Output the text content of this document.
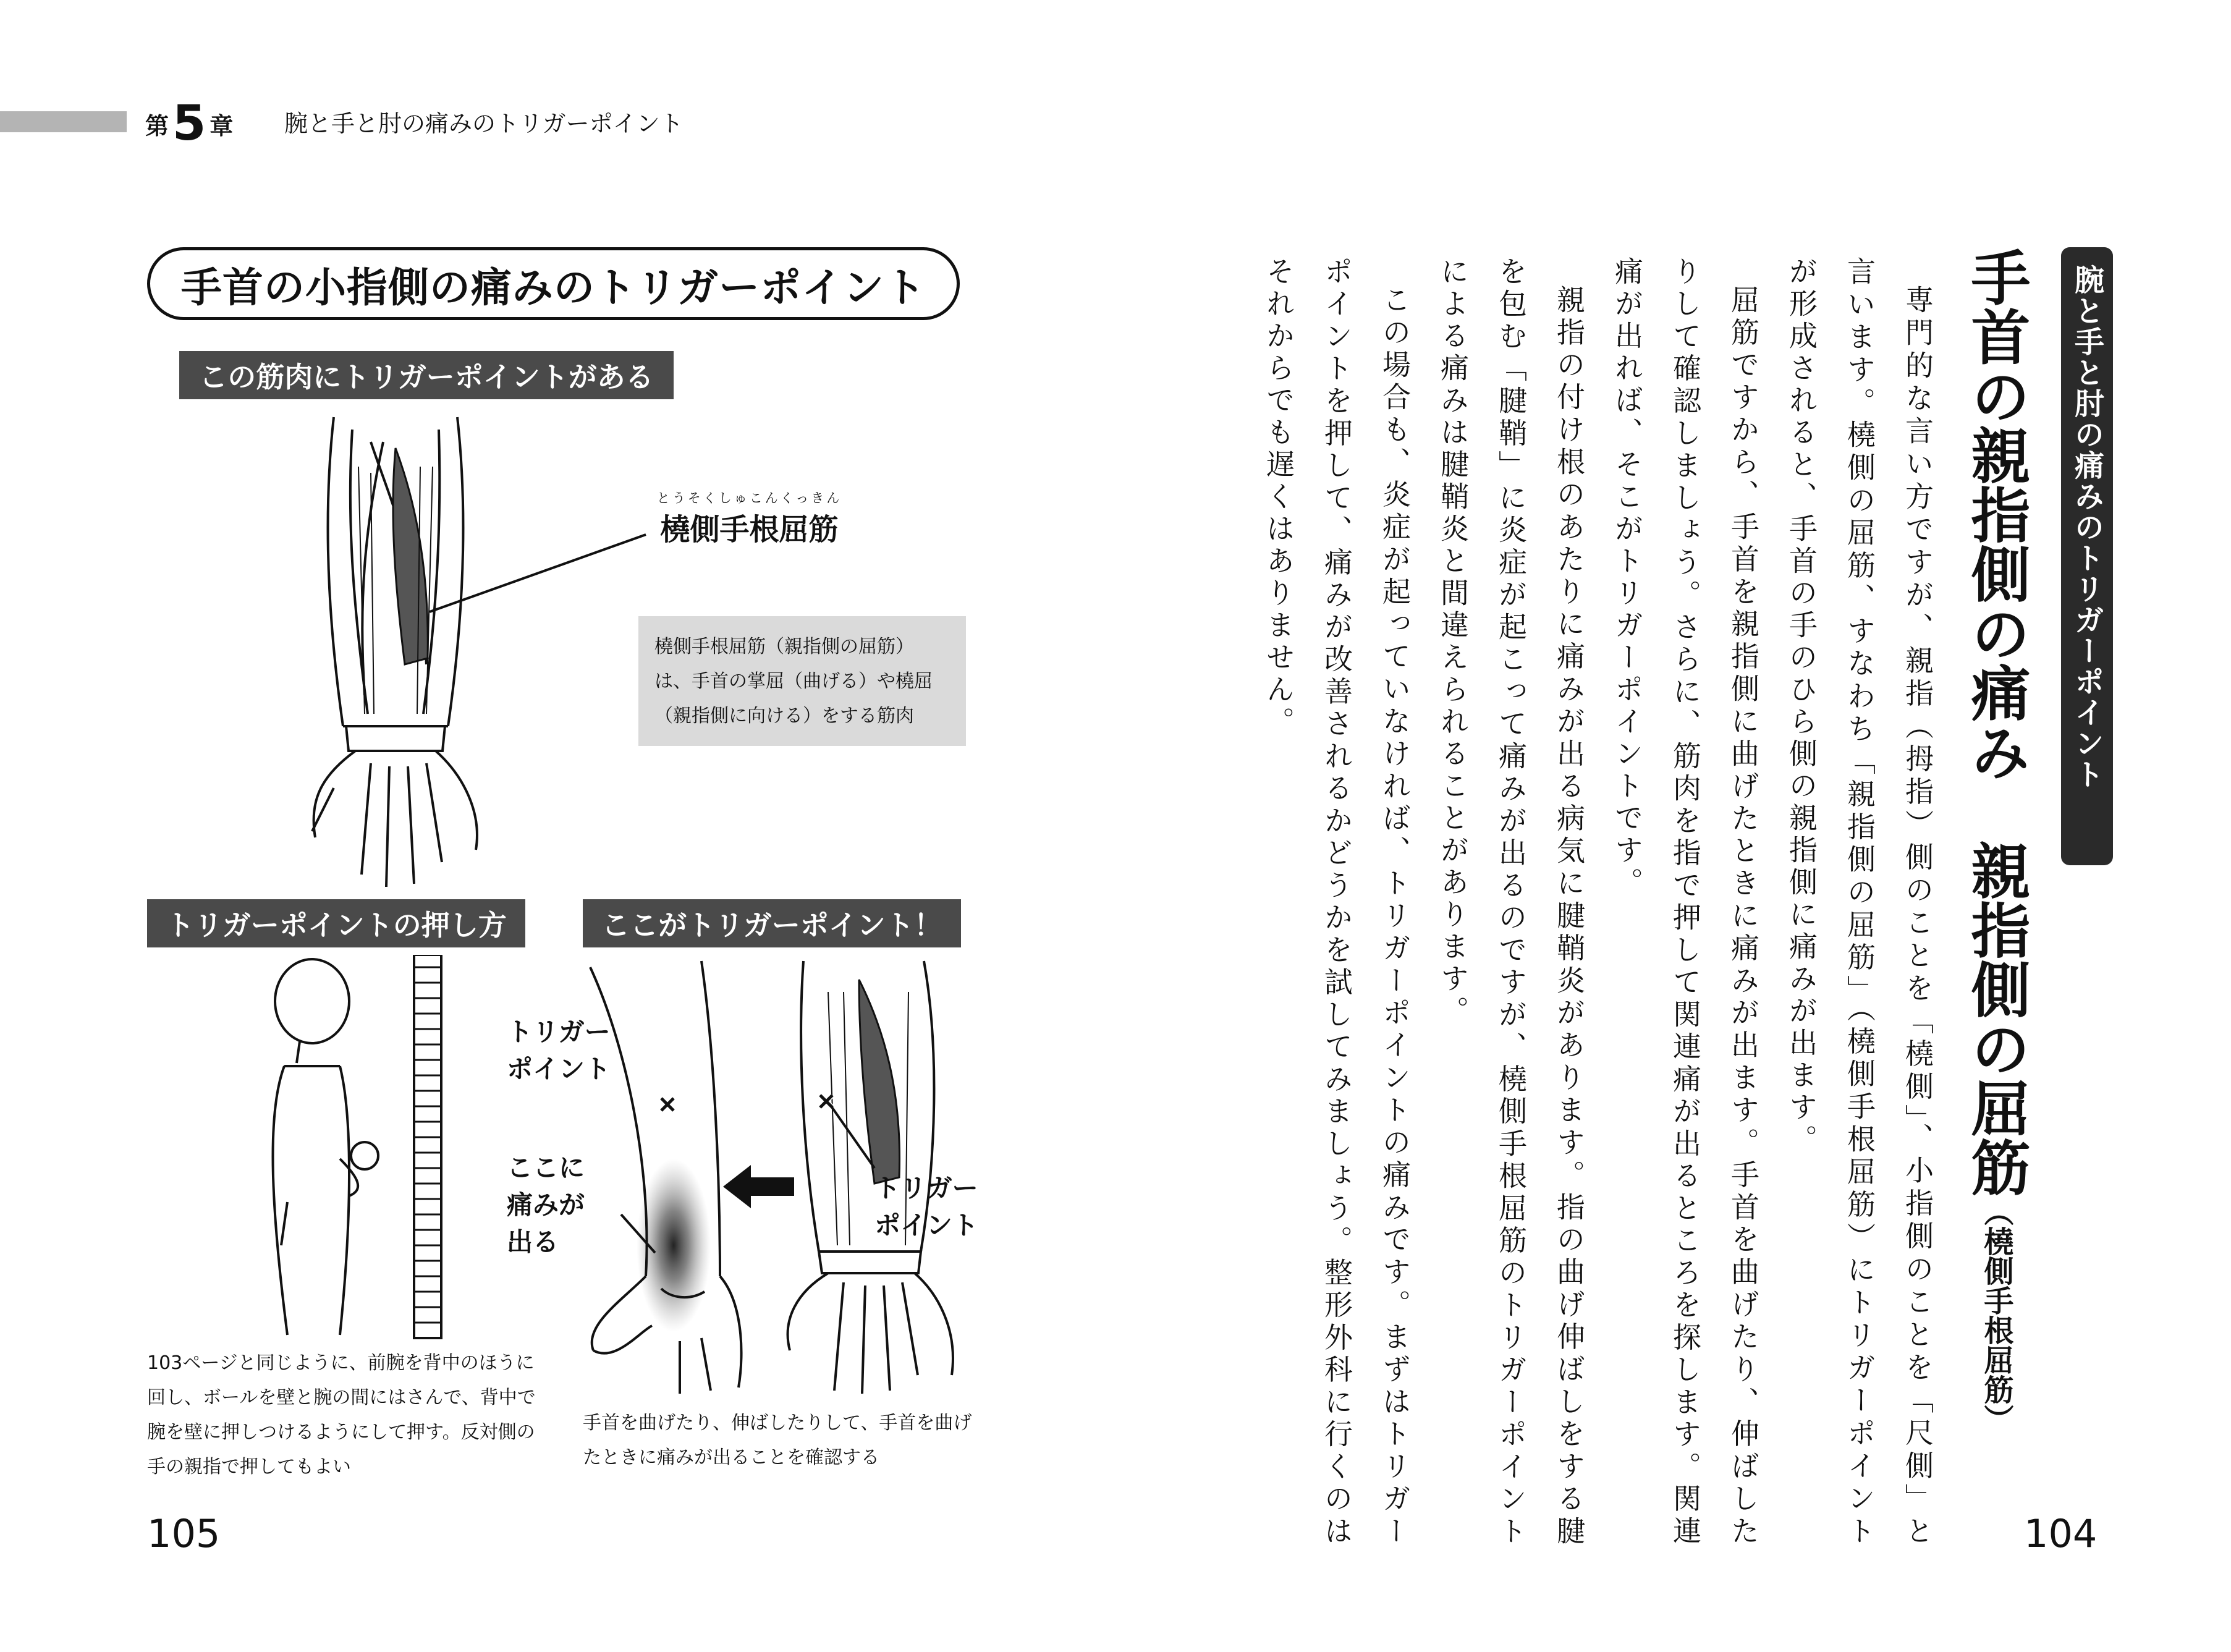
第 5 章 腕と手と肘の痛みのトリガーポイント
手首の小指側の痛みのトリガーポイント
この筋肉にトリガーポイントがある
とうそくしゅこんくっきん
橈側手根屈筋
橈側手根屈筋（親指側の屈筋）は、手首の掌屈（曲げる）や橈屈（親指側に向ける）をする筋肉
トリガーポイントの押し方	ここがトリガーポイント！
103ページと同じように、前腕を背中のほうに回し、ボールを壁と腕の間にはさんで、背中で腕を壁に押しつけるようにして押す。反対側の手の親指で押してもよい
トリガー
ポイント
ここに
痛みが
出る
トリガー
ポイント
手首を曲げたり、伸ばしたりして、手首を曲げたときに痛みが出ることを確認する
105
腕と手と肘の痛みのトリガーポイント
手首の親指側の痛み　親指側の屈筋（橈側手根屈筋）

専門的な言い方ですが、親指（拇指）側のことを「橈側」、小指側のことを「尺側」と言います。橈側の屈筋、すなわち「親指側の屈筋」（橈側手根屈筋）にトリガーポイントが形成されると、手首の手のひら側の親指側に痛みが出ます。

屈筋ですから、手首を親指側に曲げたときに痛みが出ます。手首を曲げたり、伸ばしたりして確認しましょう。さらに、筋肉を指で押して関連痛が出るところを探します。関連痛が出れば、そこがトリガーポイントです。

親指の付け根のあたりに痛みが出る病気に腱鞘炎があります。指の曲げ伸ばしをする腱を包む「腱鞘」に炎症が起こって痛みが出るのですが、橈側手根屈筋のトリガーポイントによる痛みは腱鞘炎と間違えられることがあります。

この場合も、炎症が起っていなければ、トリガーポイントの痛みです。まずはトリガーポイントを押して、痛みが改善されるかどうかを試してみましょう。整形外科に行くのはそれからでも遅くはありません。

104
